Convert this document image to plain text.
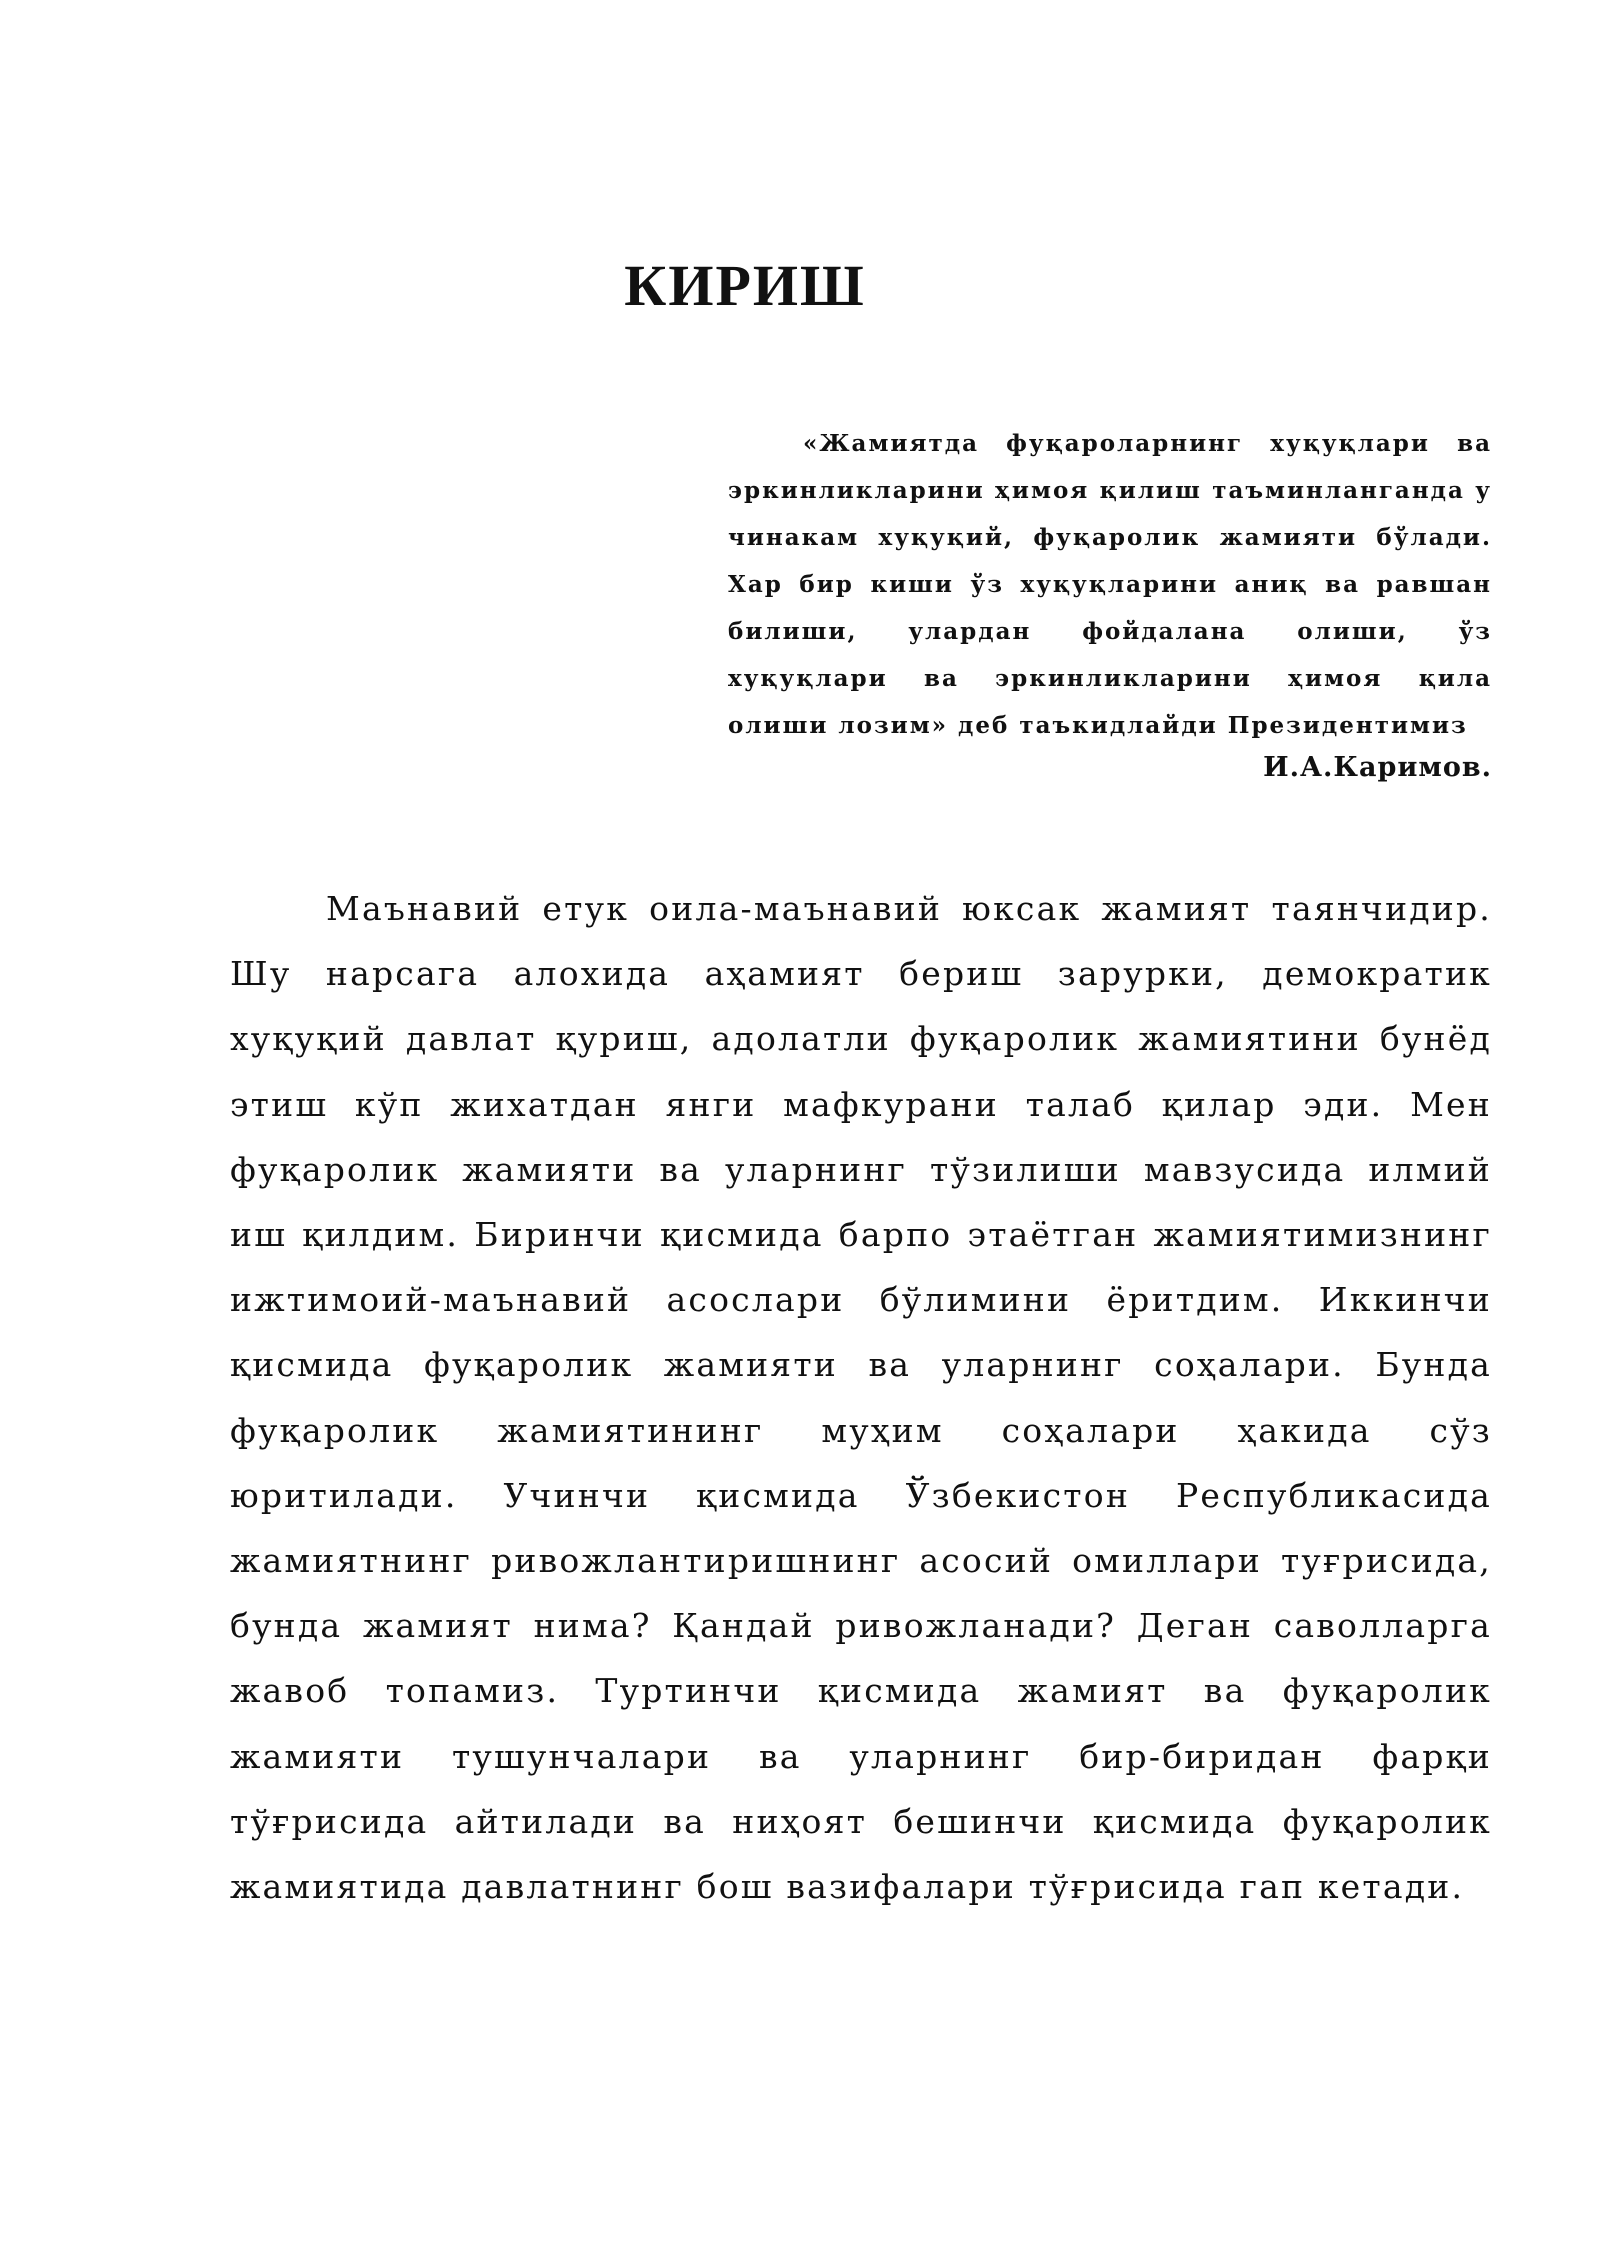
КИРИШ

«Жамиятда фуқароларнинг хуқуқлари ва эркинликларини ҳимоя қилиш таъминланганда у чинакам хуқуқий, фуқаролик жамияти бўлади. Хар бир киши ўз хуқуқларини аниқ ва равшан билиши, улардан фойдалана олиши, ўз хуқуқлари ва эркинликларини ҳимоя қила олиши лозим» деб таъкидлайди Президентимиз

И.А.Каримов.

Маънавий етук оила-маънавий юксак жамият таянчидир. Шу нарсага алохида аҳамият бериш зарурки, демократик хуқуқий давлат қуриш, адолатли фуқаролик жамиятини бунёд этиш кўп жихатдан янги мафкурани талаб қилар эди. Мен фуқаролик жамияти ва уларнинг тўзилиши мавзусида илмий иш қилдим. Биринчи қисмида барпо этаётган жамиятимизнинг ижтимоий-маънавий асослари бўлимини ёритдим. Иккинчи қисмида фуқаролик жамияти ва уларнинг соҳалари. Бунда фуқаролик жамиятининг муҳим соҳалари ҳакида сўз юритилади. Учинчи қисмида Ўзбекистон Республикасида жамиятнинг ривожлантиришнинг асосий омиллари туғрисида, бунда жамият нима? Қандай ривожланади? Деган саволларга жавоб топамиз. Туртинчи қисмида жамият ва фуқаролик жамияти тушунчалари ва уларнинг бир-биридан фарқи тўғрисида айтилади ва ниҳоят бешинчи қисмида фуқаролик жамиятида давлатнинг бош вазифалари тўғрисида гап кетади.
